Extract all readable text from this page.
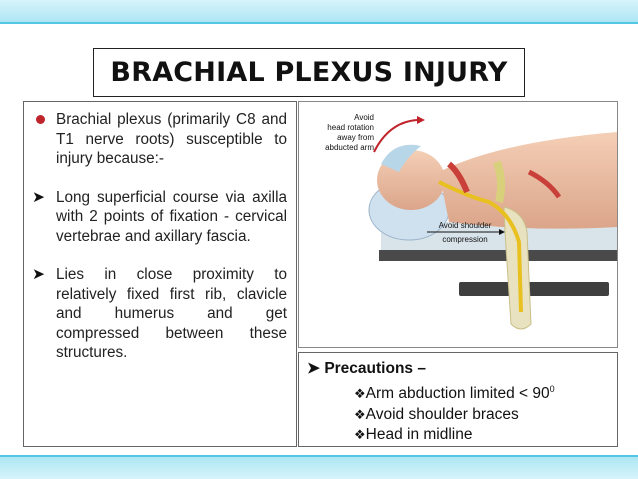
BRACHIAL PLEXUS INJURY
Brachial plexus (primarily C8 and T1 nerve roots) susceptible to injury because:-
➤ Long superficial course via axilla with 2 points of fixation - cervical vertebrae and axillary fascia.
➤ Lies in close proximity to relatively fixed first rib, clavicle and humerus and get compressed between these structures.
Avoid
head rotation
away from
abducted arm
Avoid shoulder
compression
➤ Precautions –
❖Arm abduction limited < $90^0$
❖Avoid shoulder braces
❖Head in midline
